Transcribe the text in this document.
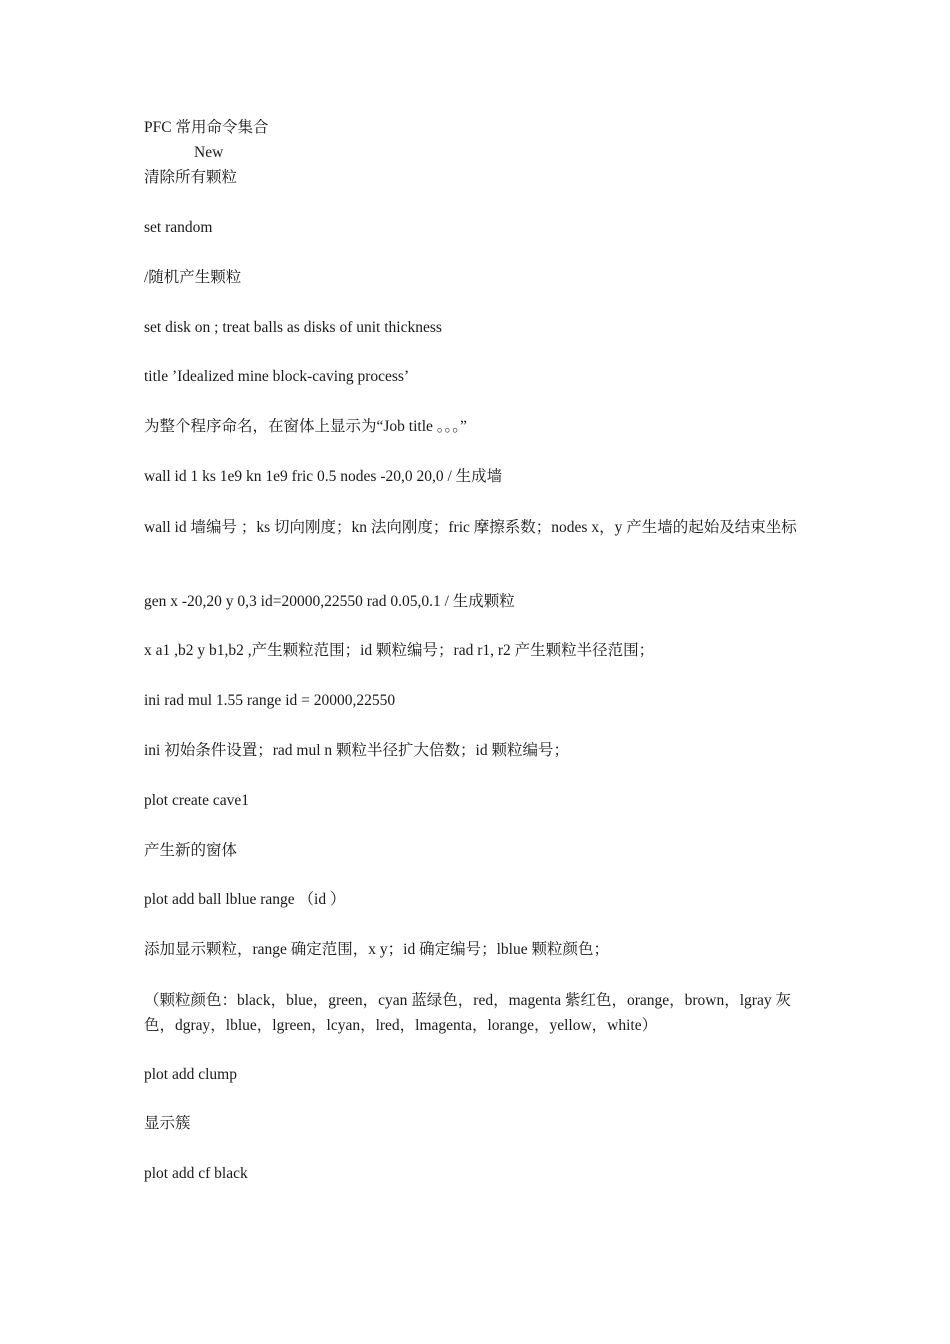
PFC 常用命令集合
New
清除所有颗粒
set random
/随机产生颗粒
set disk on ; treat balls as disks of unit thickness
title ’Idealized mine block-caving process’
为整个程序命名，在窗体上显示为“Job title 。。。”
wall id 1 ks 1e9 kn 1e9 fric 0.5 nodes -20,0 20,0 / 生成墙
wall id 墙编号 ；ks 切向刚度；kn 法向刚度；fric 摩擦系数；nodes x，y 产生墙的起始及结束坐标
gen x -20,20 y 0,3 id=20000,22550 rad 0.05,0.1 / 生成颗粒
x a1 ,b2 y b1,b2 ,产生颗粒范围；id 颗粒编号；rad r1, r2 产生颗粒半径范围；
ini rad mul 1.55 range id = 20000,22550
ini 初始条件设置；rad mul n 颗粒半径扩大倍数；id 颗粒编号；
plot create cave1
产生新的窗体
plot add ball lblue range （id ）
添加显示颗粒，range 确定范围，x y；id 确定编号；lblue 颗粒颜色；
（颗粒颜色：black，blue，green，cyan 蓝绿色，red，magenta 紫红色，orange，brown，lgray 灰色，dgray，lblue，lgreen，lcyan，lred，lmagenta，lorange，yellow，white）
plot add clump
显示簇
plot add cf black
